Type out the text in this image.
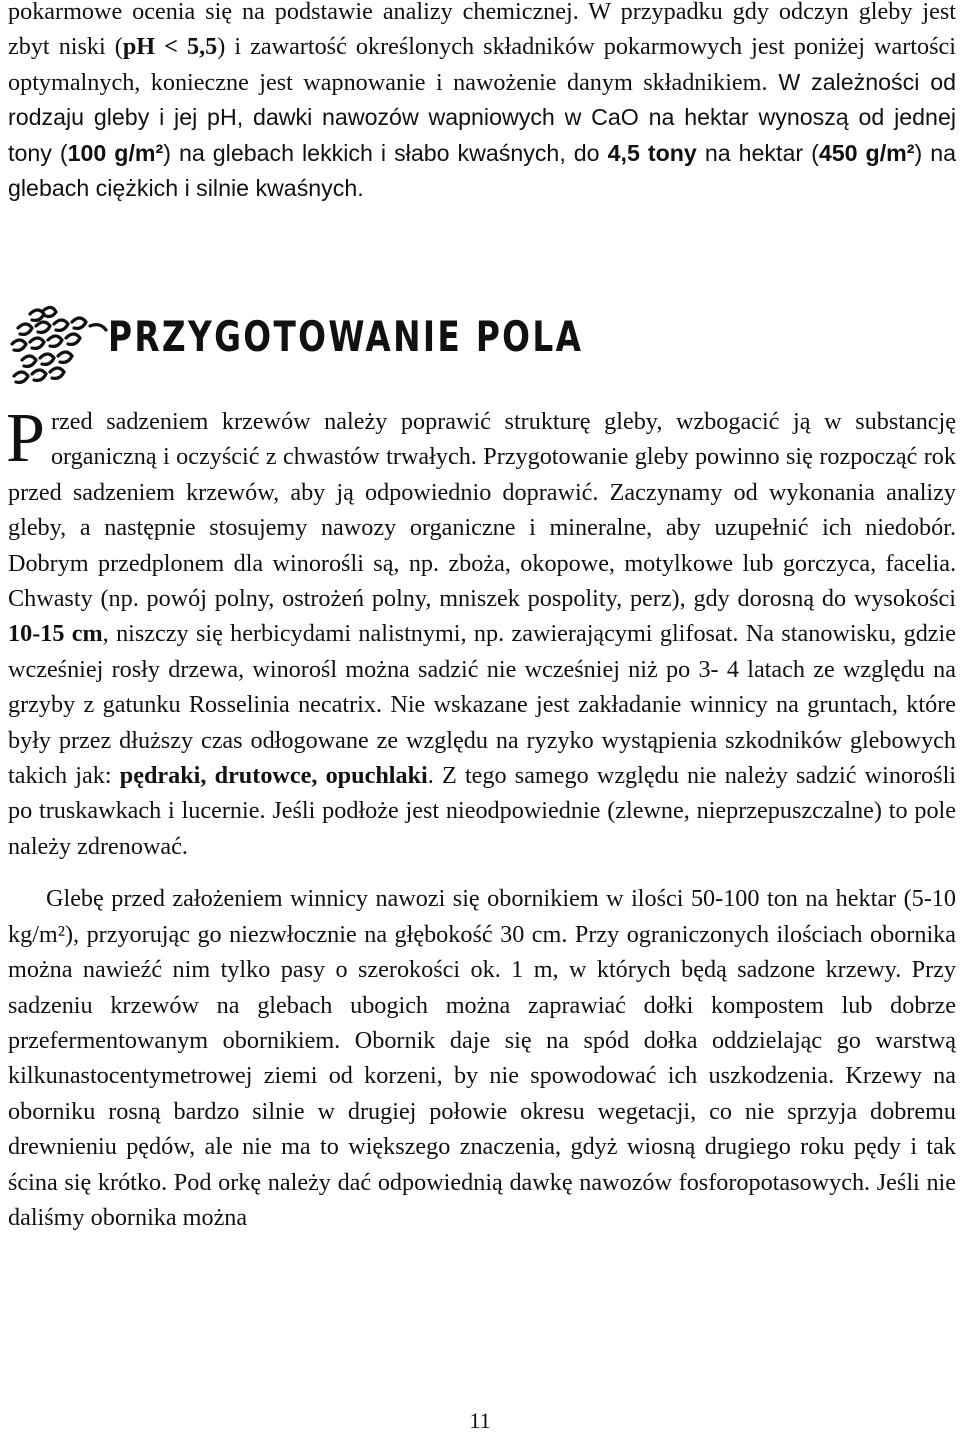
pokarmowe ocenia się na podstawie analizy chemicznej. W przypadku gdy odczyn gleby jest zbyt niski (pH < 5,5) i zawartość określonych składników pokarmowych jest poniżej wartości optymalnych, konieczne jest wapnowanie i nawożenie danym składnikiem. W zależności od rodzaju gleby i jej pH, dawki nawozów wapniowych w CaO na hektar wynoszą od jednej tony (100 g/m²) na glebach lekkich i słabo kwaśnych, do 4,5 tony na hektar (450 g/m²) na glebach ciężkich i silnie kwaśnych.

PRZYGOTOWANIE POLA

Przed sadzeniem krzewów należy poprawić strukturę gleby, wzbogacić ją w substancję organiczną i oczyścić z chwastów trwałych. Przygotowanie gleby powinno się rozpocząć rok przed sadzeniem krzewów, aby ją odpowiednio doprawić. Zaczynamy od wykonania analizy gleby, a następnie stosujemy nawozy organiczne i mineralne, aby uzupełnić ich niedobór. Dobrym przedplonem dla winorośli są, np. zboża, okopowe, motylkowe lub gorczyca, facelia. Chwasty (np. powój polny, ostrożeń polny, mniszek pospolity, perz), gdy dorosną do wysokości 10-15 cm, niszczy się herbicydami nalistnymi, np. zawierającymi glifosat. Na stanowisku, gdzie wcześniej rosły drzewa, winorośl można sadzić nie wcześniej niż po 3- 4 latach ze względu na grzyby z gatunku Rosselinia necatrix. Nie wskazane jest zakładanie winnicy na gruntach, które były przez dłuższy czas odłogowane ze względu na ryzyko wystąpienia szkodników glebowych takich jak: pędraki, drutowce, opuchlaki. Z tego samego względu nie należy sadzić winorośli po truskawkach i lucernie. Jeśli podłoże jest nieodpowiednie (zlewne, nieprzepuszczalne) to pole należy zdrenować.

Glebę przed założeniem winnicy nawozi się obornikiem w ilości 50-100 ton na hektar (5-10 kg/m²), przyorując go niezwłocznie na głębokość 30 cm. Przy ograniczonych ilościach obornika można nawieźć nim tylko pasy o szerokości ok. 1 m, w których będą sadzone krzewy. Przy sadzeniu krzewów na glebach ubogich można zaprawiać dołki kompostem lub dobrze przefermentowanym obornikiem. Obornik daje się na spód dołka oddzielając go warstwą kilkunastocentymetrowej ziemi od korzeni, by nie spowodować ich uszkodzenia. Krzewy na oborniku rosną bardzo silnie w drugiej połowie okresu wegetacji, co nie sprzyja dobremu drewnieniu pędów, ale nie ma to większego znaczenia, gdyż wiosną drugiego roku pędy i tak ścina się krótko. Pod orkę należy dać odpowiednią dawkę nawozów fosforopotasowych. Jeśli nie daliśmy obornika można

11
